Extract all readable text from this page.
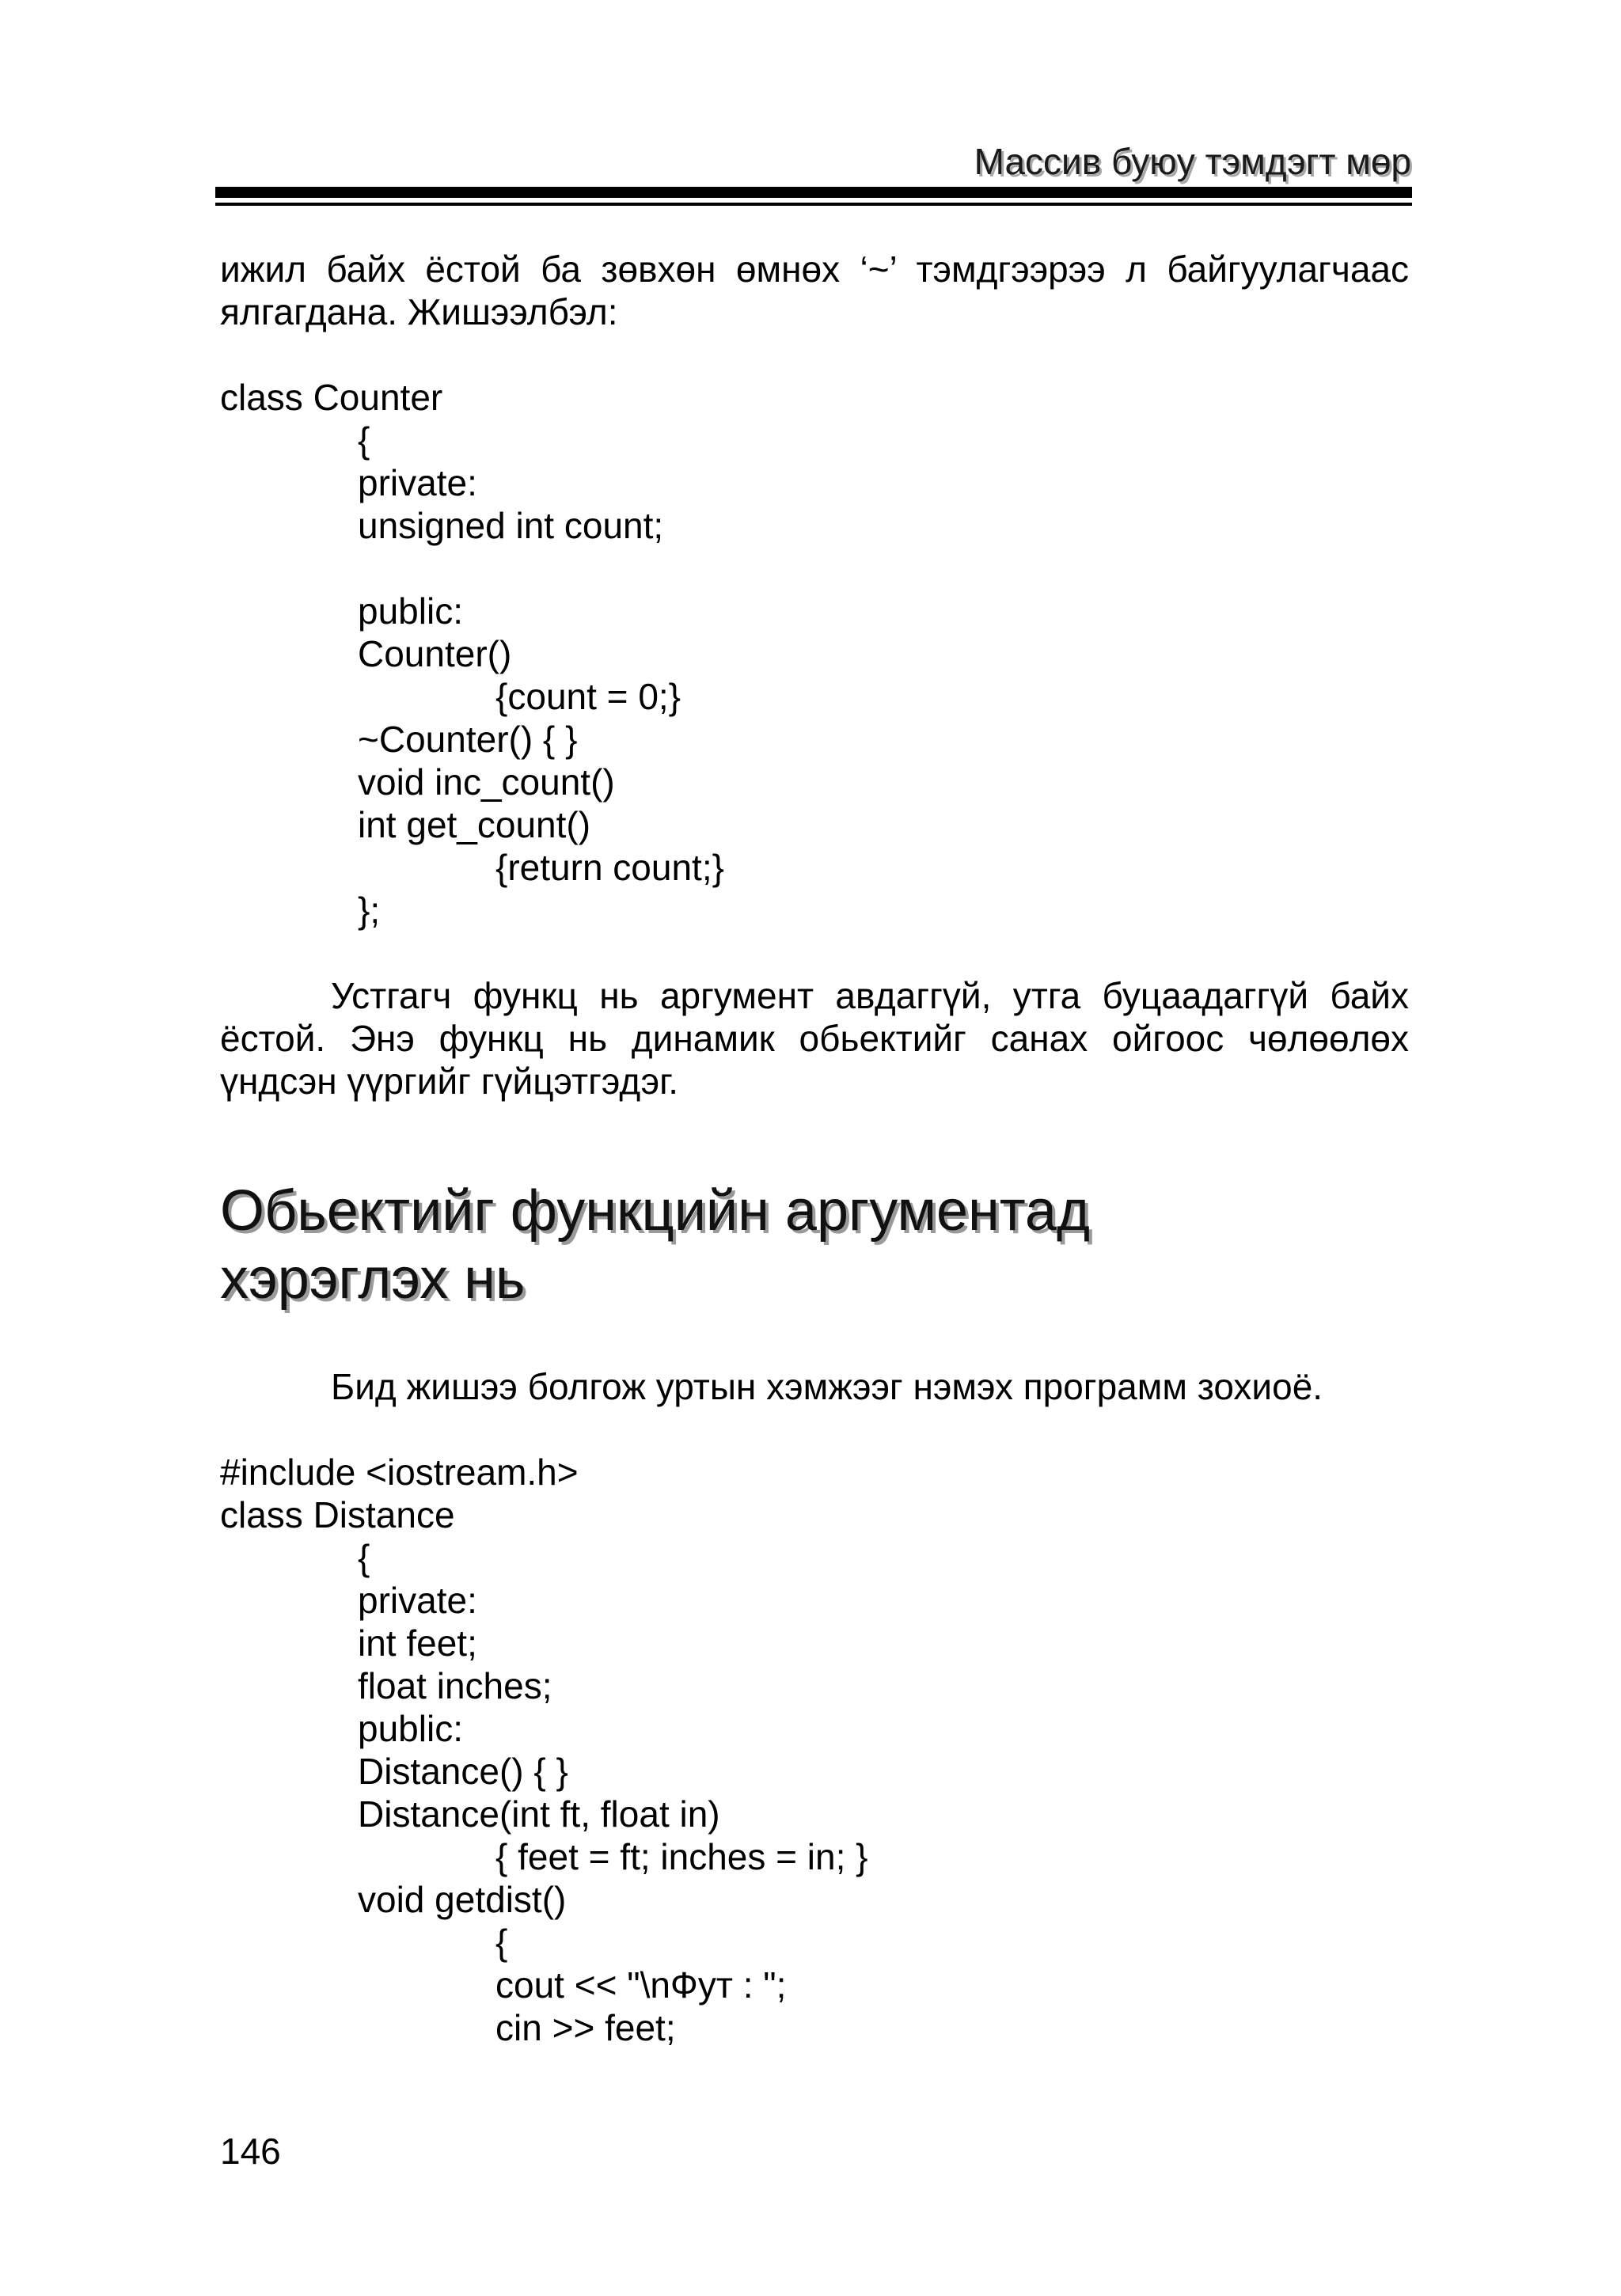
Массив буюу тэмдэгт мөр

ижил байх ёстой ба зөвхөн өмнөх ‘~’ тэмдгээрээ л байгуулагчаас ялгагдана. Жишээлбэл:

class Counter
{
private:
unsigned int count;
public:
Counter()
{count = 0;}
~Counter() { }
void inc_count()
int get_count()
{return count;}
};

Устгагч функц нь аргумент авдаггүй, утга буцаадаггүй байх ёстой. Энэ функц нь динамик обьектийг санах ойгоос чөлөөлөх үндсэн үүргийг гүйцэтгэдэг.

Обьектийг функцийн аргументад
хэрэглэх нь

Бид жишээ болгож уртын хэмжээг нэмэх программ зохиоё.

#include <iostream.h>
class Distance
{
private:
int feet;
float inches;
public:
Distance() { }
Distance(int ft, float in)
{ feet = ft; inches = in; }
void getdist()
{
cout << "\nФут : ";
cin >> feet;
146
